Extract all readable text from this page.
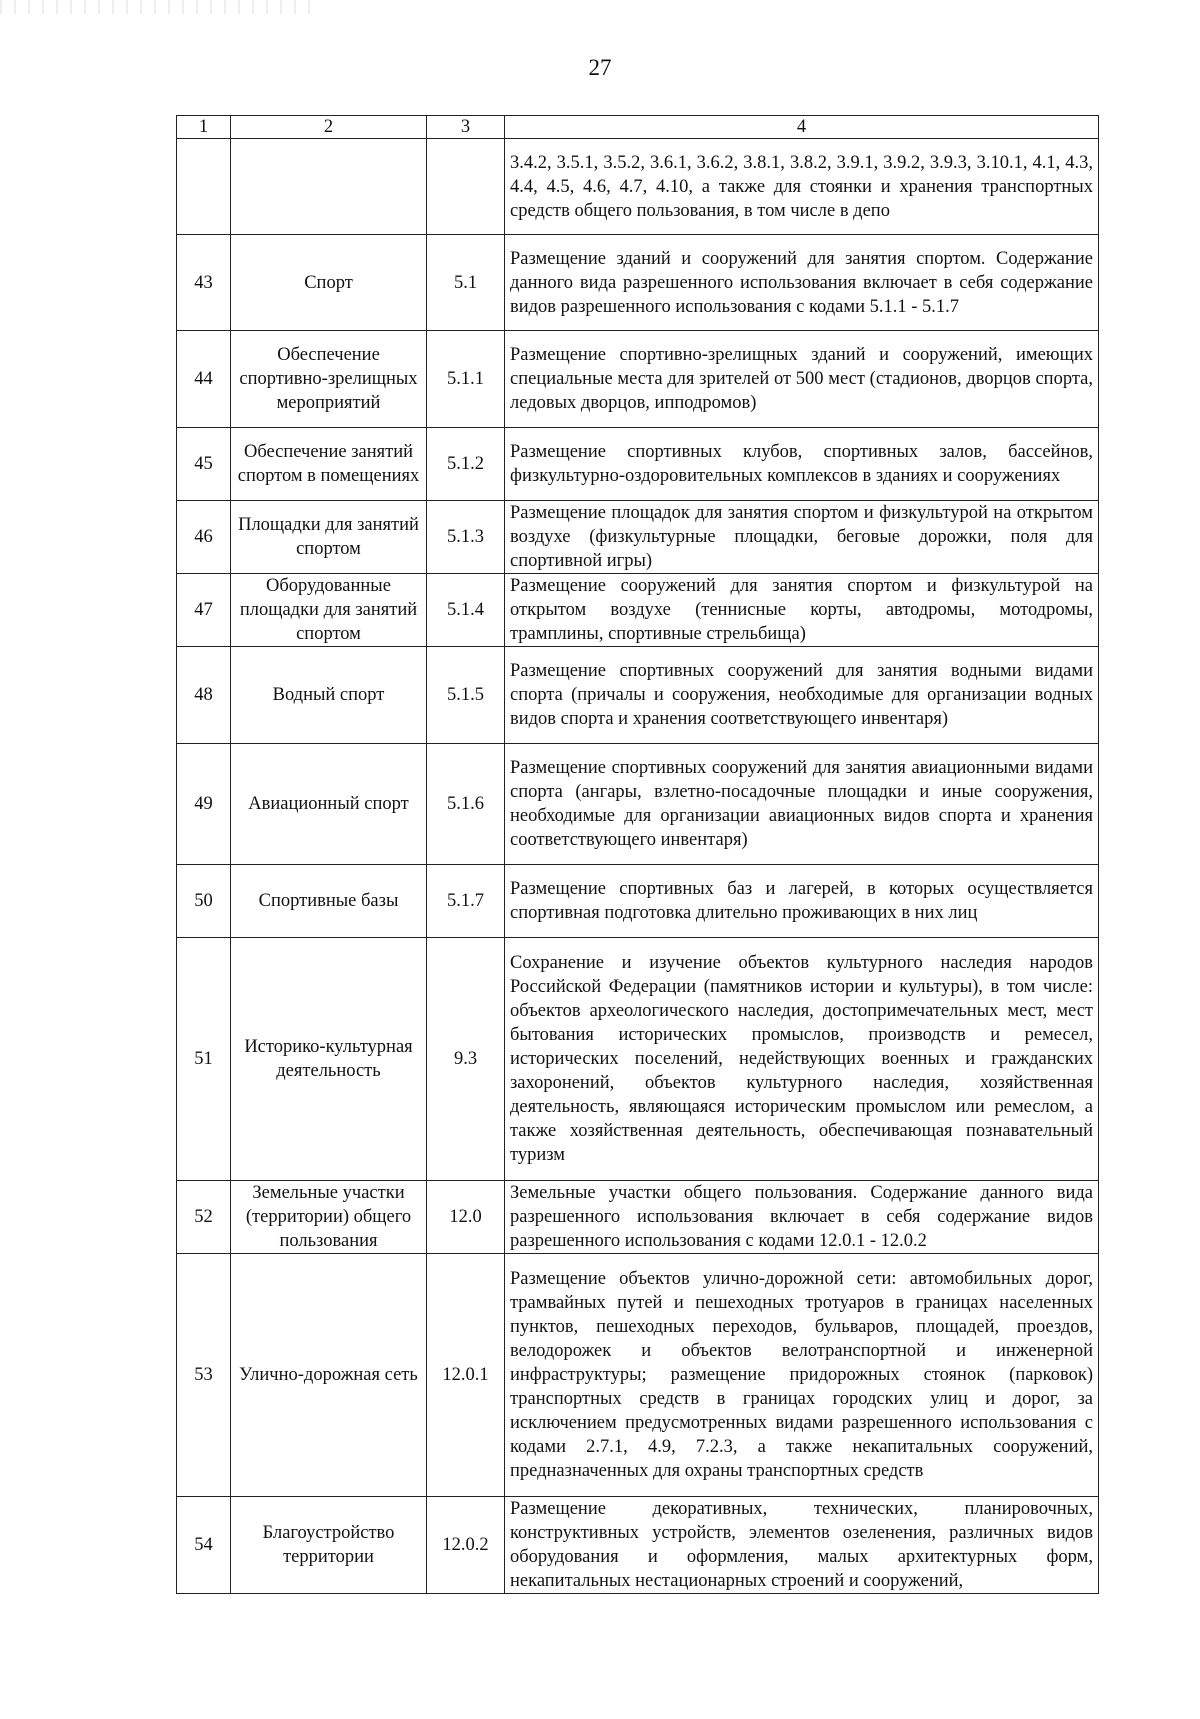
27
1	2	3	4
			3.4.2, 3.5.1, 3.5.2, 3.6.1, 3.6.2, 3.8.1, 3.8.2, 3.9.1, 3.9.2, 3.9.3, 3.10.1, 4.1, 4.3, 4.4, 4.5, 4.6, 4.7, 4.10, а также для стоянки и хранения транспортных средств общего пользования, в том числе в депо
43	Спорт	5.1	Размещение зданий и сооружений для занятия спортом. Содержание данного вида разрешенного использования включает в себя содержание видов разрешенного использования с кодами 5.1.1 - 5.1.7
44	Обеспечение спортивно-зрелищных мероприятий	5.1.1	Размещение спортивно-зрелищных зданий и сооружений, имеющих специальные места для зрителей от 500 мест (стадионов, дворцов спорта, ледовых дворцов, ипподромов)
45	Обеспечение занятий спортом в помещениях	5.1.2	Размещение спортивных клубов, спортивных залов, бассейнов, физкультурно-оздоровительных комплексов в зданиях и сооружениях
46	Площадки для занятий спортом	5.1.3	Размещение площадок для занятия спортом и физкультурой на открытом воздухе (физкультурные площадки, беговые дорожки, поля для спортивной игры)
47	Оборудованные площадки для занятий спортом	5.1.4	Размещение сооружений для занятия спортом и физкультурой на открытом воздухе (теннисные корты, автодромы, мотодромы, трамплины, спортивные стрельбища)
48	Водный спорт	5.1.5	Размещение спортивных сооружений для занятия водными видами спорта (причалы и сооружения, необходимые для организации водных видов спорта и хранения соответствующего инвентаря)
49	Авиационный спорт	5.1.6	Размещение спортивных сооружений для занятия авиационными видами спорта (ангары, взлетно-посадочные площадки и иные сооружения, необходимые для организации авиационных видов спорта и хранения соответствующего инвентаря)
50	Спортивные базы	5.1.7	Размещение спортивных баз и лагерей, в которых осуществляется спортивная подготовка длительно проживающих в них лиц
51	Историко-культурная деятельность	9.3	Сохранение и изучение объектов культурного наследия народов Российской Федерации (памятников истории и культуры), в том числе: объектов археологического наследия, достопримечательных мест, мест бытования исторических промыслов, производств и ремесел, исторических поселений, недействующих военных и гражданских захоронений, объектов культурного наследия, хозяйственная деятельность, являющаяся историческим промыслом или ремеслом, а также хозяйственная деятельность, обеспечивающая познавательный туризм
52	Земельные участки (территории) общего пользования	12.0	Земельные участки общего пользования. Содержание данного вида разрешенного использования включает в себя содержание видов разрешенного использования с кодами 12.0.1 - 12.0.2
53	Улично-дорожная сеть	12.0.1	Размещение объектов улично-дорожной сети: автомобильных дорог, трамвайных путей и пешеходных тротуаров в границах населенных пунктов, пешеходных переходов, бульваров, площадей, проездов, велодорожек и объектов велотранспортной и инженерной инфраструктуры; размещение придорожных стоянок (парковок) транспортных средств в границах городских улиц и дорог, за исключением предусмотренных видами разрешенного использования с кодами 2.7.1, 4.9, 7.2.3, а также некапитальных сооружений, предназначенных для охраны транспортных средств
54	Благоустройство территории	12.0.2	Размещение декоративных, технических, планировочных, конструктивных устройств, элементов озеленения, различных видов оборудования и оформления, малых архитектурных форм, некапитальных нестационарных строений и сооружений,
